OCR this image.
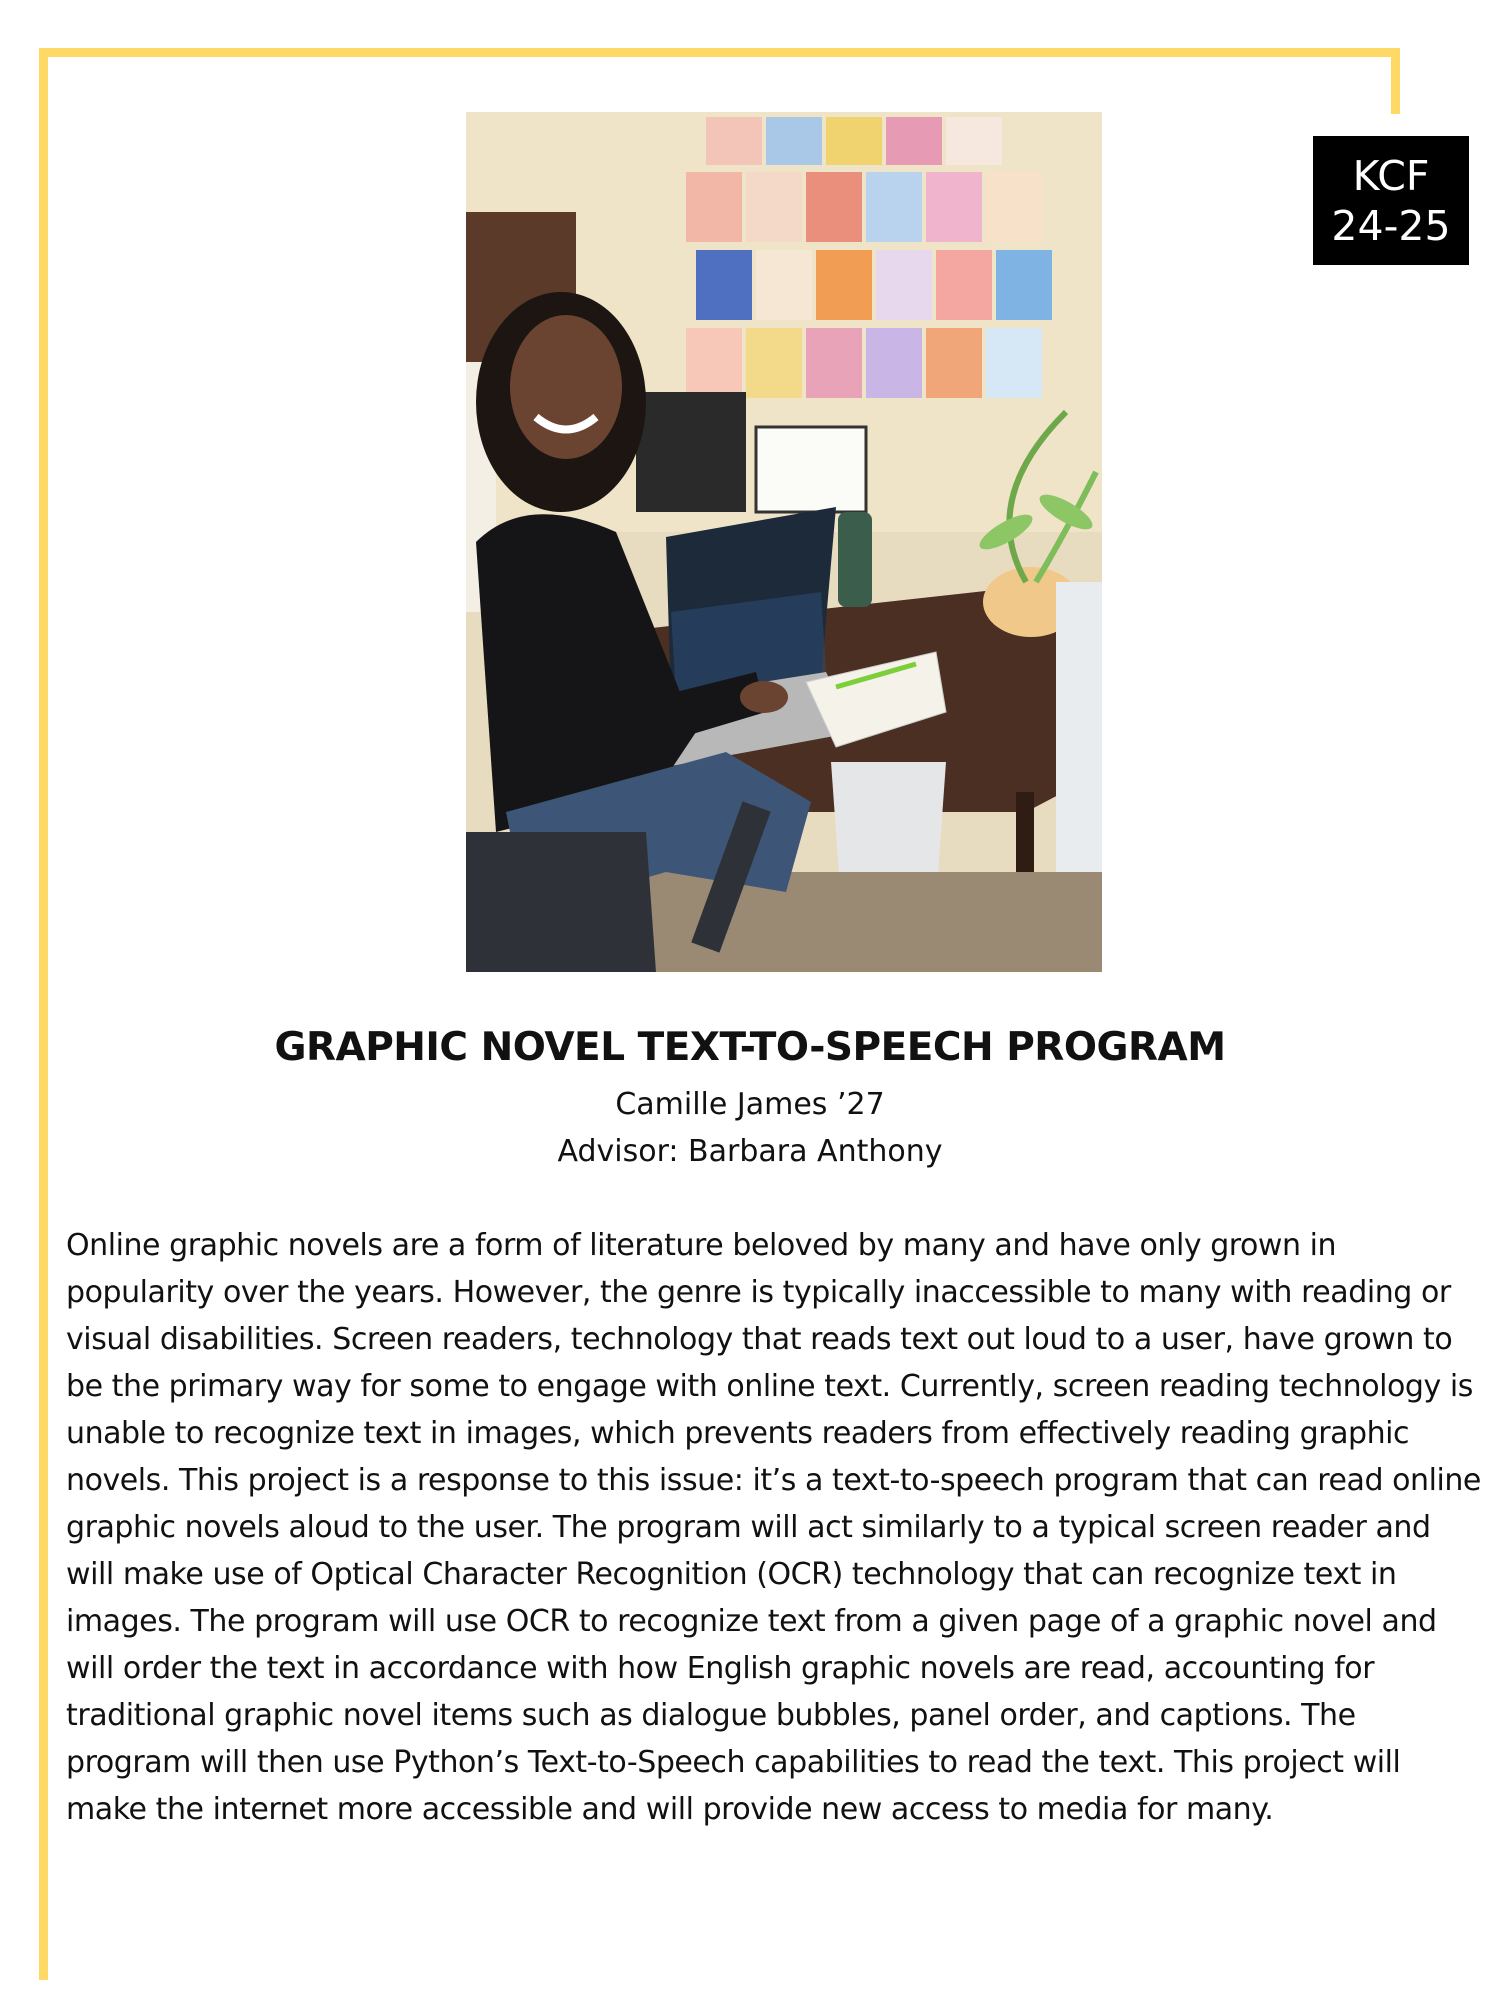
KCF
24-25
GRAPHIC NOVEL TEXT-TO-SPEECH PROGRAM
Camille James ’27
Advisor: Barbara Anthony

Online graphic novels are a form of literature beloved by many and have only grown in popularity over the years. However, the genre is typically inaccessible to many with reading or visual disabilities. Screen readers, technology that reads text out loud to a user, have grown to be the primary way for some to engage with online text. Currently, screen reading technology is unable to recognize text in images, which prevents readers from effectively reading graphic novels. This project is a response to this issue: it’s a text-to-speech program that can read online graphic novels aloud to the user. The program will act similarly to a typical screen reader and will make use of Optical Character Recognition (OCR) technology that can recognize text in images. The program will use OCR to recognize text from a given page of a graphic novel and will order the text in accordance with how English graphic novels are read, accounting for traditional graphic novel items such as dialogue bubbles, panel order, and captions. The program will then use Python’s Text-to-Speech capabilities to read the text. This project will make the internet more accessible and will provide new access to media for many.
